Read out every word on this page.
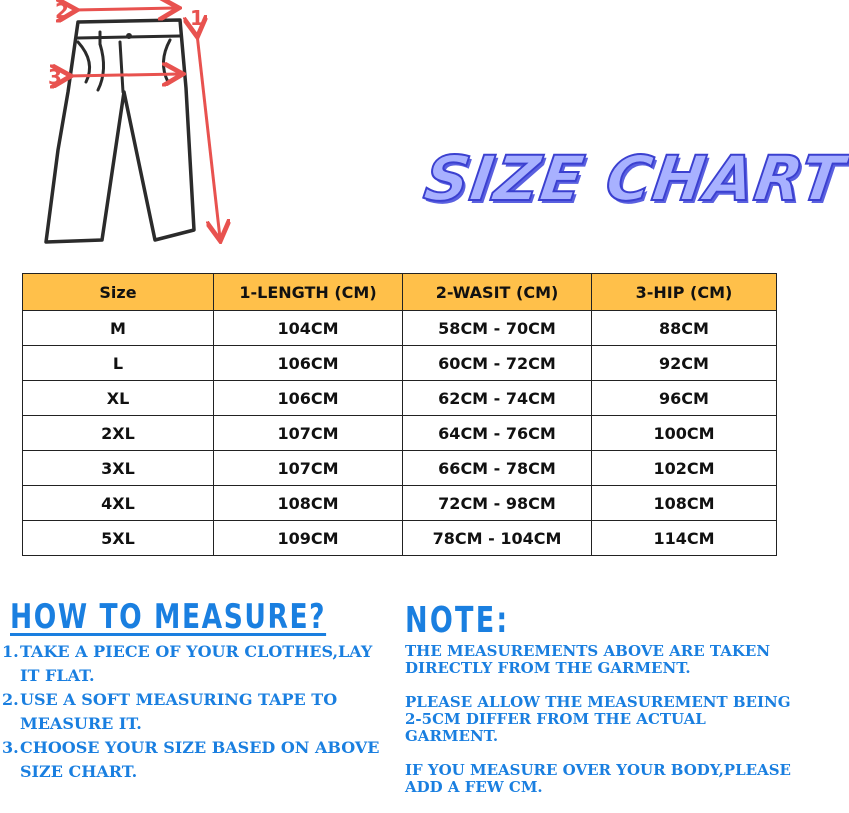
2	1
3
SIZE CHART
Size	1-LENGTH (CM)	2-WASIT (CM)	3-HIP (CM)
M	104CM	58CM - 70CM	88CM
L	106CM	60CM - 72CM	92CM
XL	106CM	62CM - 74CM	96CM
2XL	107CM	64CM - 76CM	100CM
3XL	107CM	66CM - 78CM	102CM
4XL	108CM	72CM - 98CM	108CM
5XL	109CM	78CM - 104CM	114CM
HOW TO MEASURE?
1. TAKE A PIECE OF YOUR CLOTHES,LAY IT FLAT.
2. USE A SOFT MEASURING TAPE TO MEASURE IT.
3. CHOOSE YOUR SIZE BASED ON ABOVE SIZE CHART.
NOTE:

THE MEASUREMENTS ABOVE ARE TAKEN DIRECTLY FROM THE GARMENT.

PLEASE ALLOW THE MEASUREMENT BEING 2-5CM DIFFER FROM THE ACTUAL GARMENT.

IF YOU MEASURE OVER YOUR BODY,PLEASE ADD A FEW CM.
